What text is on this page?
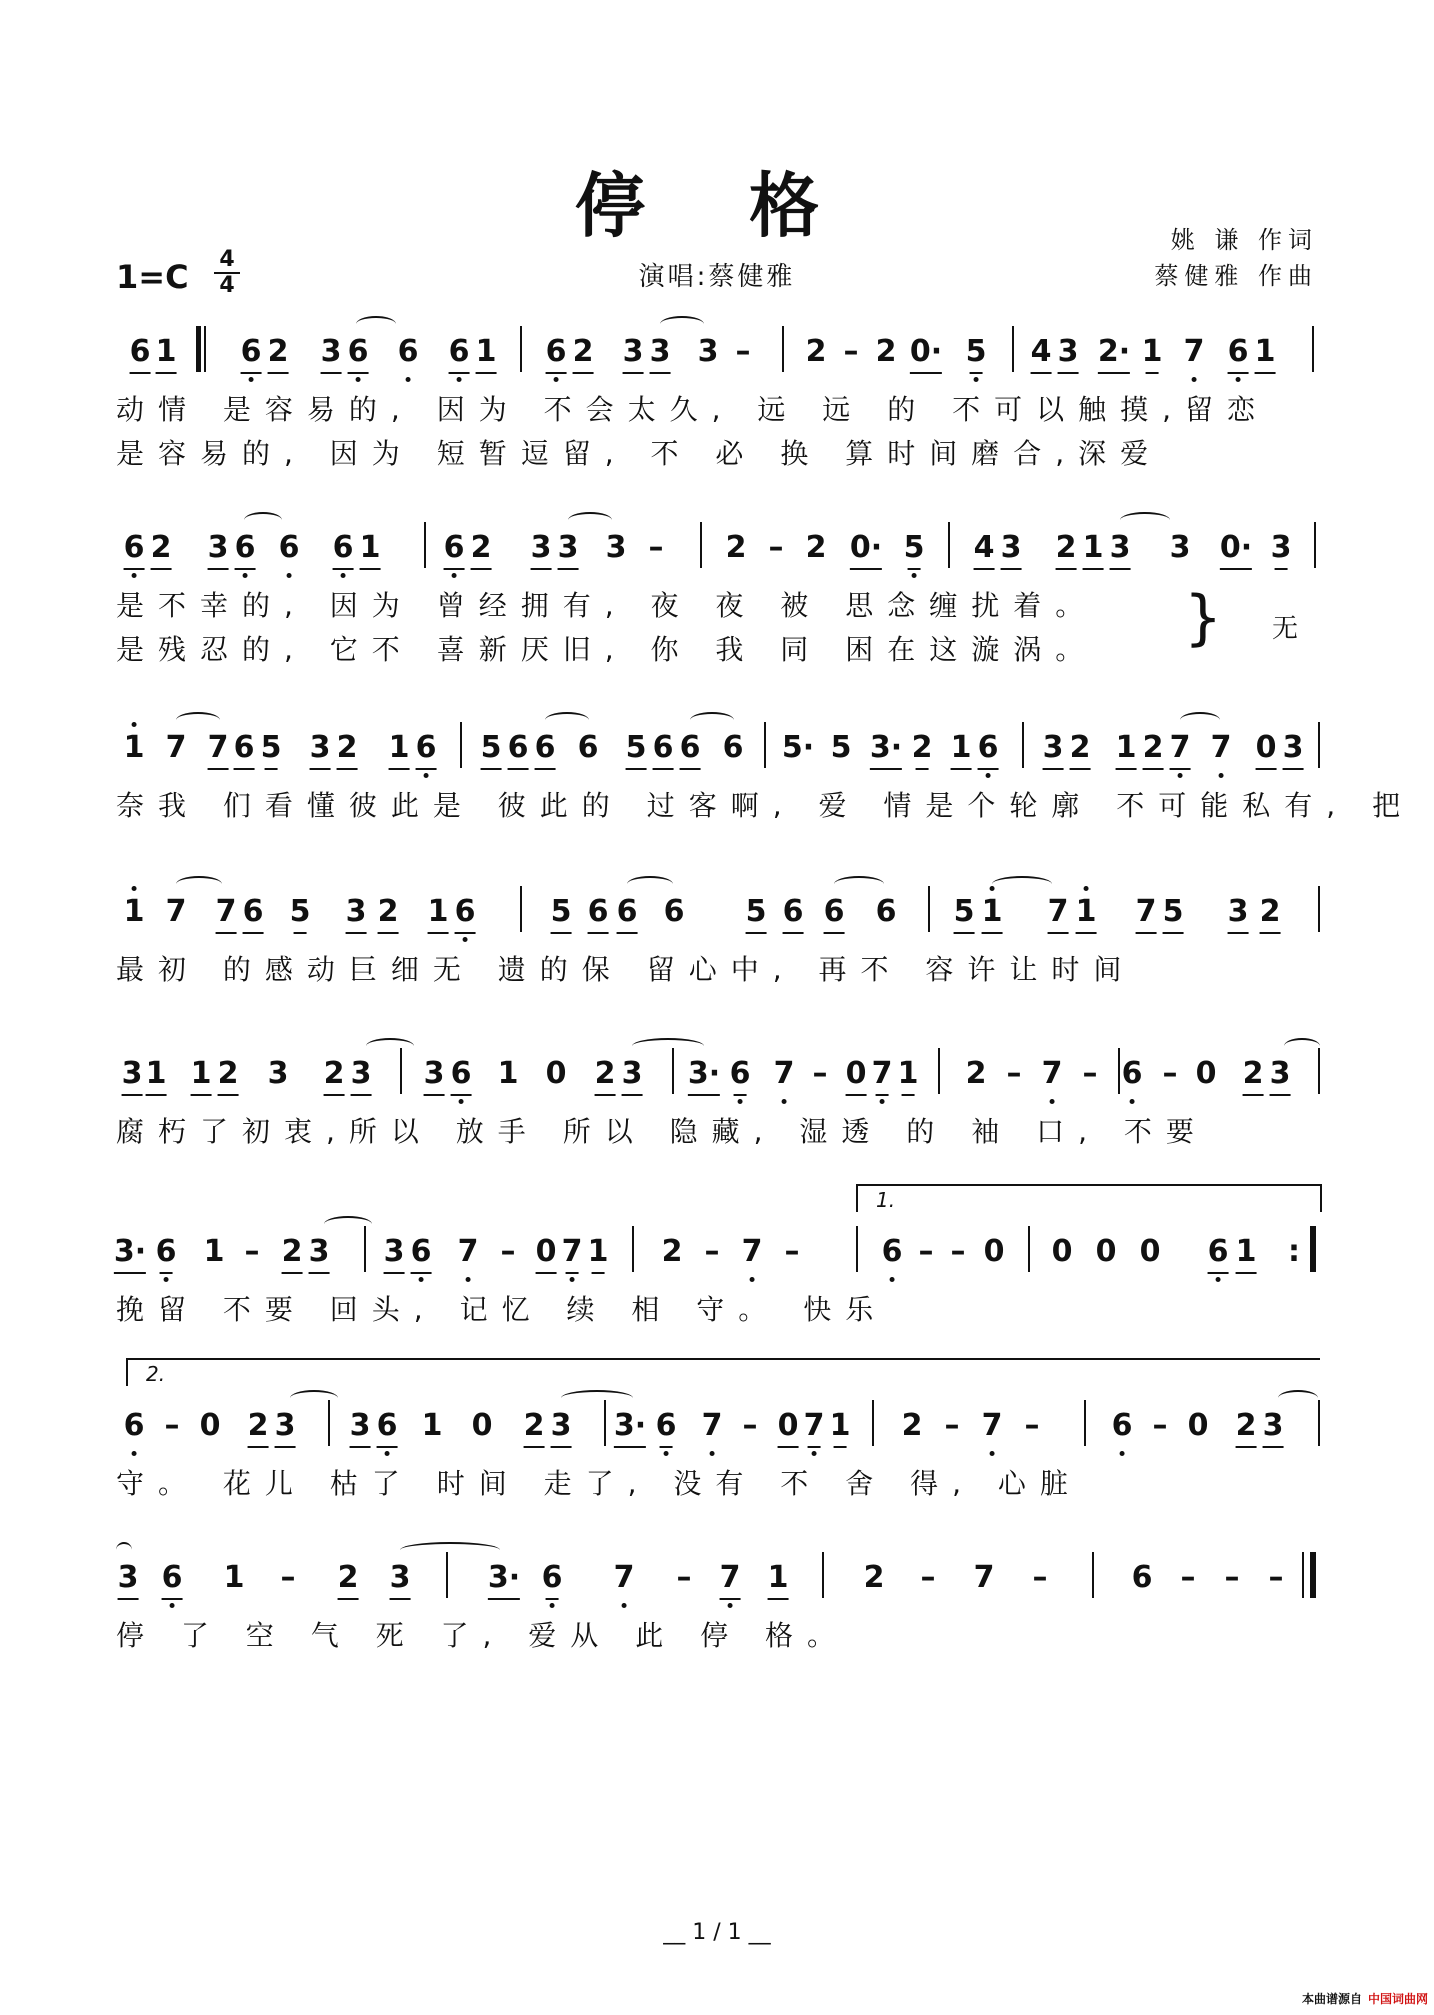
停 格	姚 谦 作词
蔡健雅 作曲
演唱:蔡健雅
1=C 4
4
6 1 6 2 3 6 6 6 1 6 2 3 3 3 – 2 – 2 0· 5 4 3 2· 1 7 6 1
动情 是容易的, 因为 不会太久, 远 远 的 不可以触摸,留恋
是容易的, 因为 短暂逗留, 不 必 换 算时间磨合,深爱
6 2 3 6 6 6 1 6 2 3 3 3 – 2 – 2 0· 5 4 3 2 1 3 3 0· 3
是不幸的, 因为 曾经拥有, 夜 夜 被 思念缠扰着。
是残忍的, 它不 喜新厌旧, 你 我 同 困在这漩涡。 } 无
1 7 7 6 5 3 2 1 6 5 6 6 6 5 6 6 6 5· 5 3· 2 1 6 3 2 1 2 7 7 0 3
奈我 们看懂彼此是 彼此的 过客啊, 爱 情是个轮廓 不可能私有, 把
1 7 7 6 5 3 2 1 6	5 6 6 6 5 6 6 6 5 1 7 1 7 5 3 2
最初 的感动巨细无 遗的保 留心中, 再不 容许让时间
3 1 1 2 3 2 3 3 6 1 0 2 3 3· 6 7 – 0 7 1 2 – 7 – 6 – 0 2 3
腐朽了初衷,所以 放手 所以 隐藏, 湿透 的 袖 口, 不要
1.
3· 6 1 – 2 3 3 6 7 – 0 7 1 2 – 7 –	6 – – 0 0 0 0 6 1 :
挽留 不要 回头, 记忆 续 相 守。 快乐
2.
6 – 0 2 3 3 6 1 0 2 3 3· 6 7 – 0 7 1 2 – 7 – 6 – 0 2 3
守。 花儿 枯了 时间 走了, 没有 不 舍 得, 心脏
3 6 1 – 2 3	3· 6 7 – 7 1	2 – 7 –	6 – – –
停 了 空 气 死 了, 爱从 此 停 格。
__ 1 / 1 __
本曲谱源自 中国词曲网
